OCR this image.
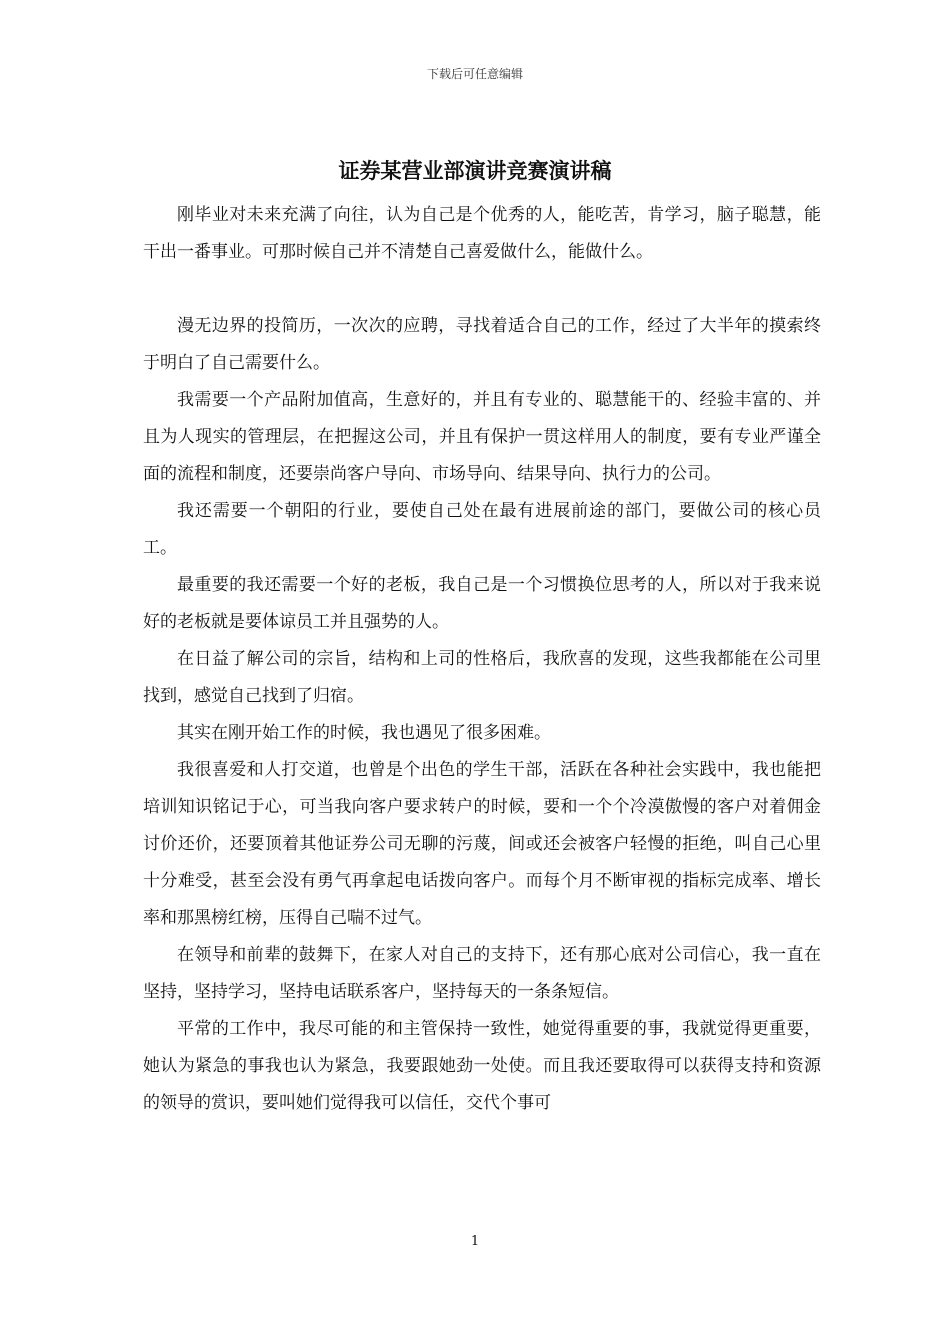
下载后可任意编辑
证券某营业部演讲竞赛演讲稿

刚毕业对未来充满了向往，认为自己是个优秀的人，能吃苦，肯学习，脑子聪慧，能干出一番事业。可那时候自己并不清楚自己喜爱做什么，能做什么。

漫无边界的投简历，一次次的应聘，寻找着适合自己的工作，经过了大半年的摸索终于明白了自己需要什么。

我需要一个产品附加值高，生意好的，并且有专业的、聪慧能干的、经验丰富的、并且为人现实的管理层，在把握这公司，并且有保护一贯这样用人的制度，要有专业严谨全面的流程和制度，还要崇尚客户导向、市场导向、结果导向、执行力的公司。

我还需要一个朝阳的行业，要使自己处在最有进展前途的部门，要做公司的核心员工。

最重要的我还需要一个好的老板，我自己是一个习惯换位思考的人，所以对于我来说好的老板就是要体谅员工并且强势的人。

在日益了解公司的宗旨，结构和上司的性格后，我欣喜的发现，这些我都能在公司里找到，感觉自己找到了归宿。

其实在刚开始工作的时候，我也遇见了很多困难。

我很喜爱和人打交道，也曾是个出色的学生干部，活跃在各种社会实践中，我也能把培训知识铭记于心，可当我向客户要求转户的时候，要和一个个冷漠傲慢的客户对着佣金讨价还价，还要顶着其他证券公司无聊的污蔑，间或还会被客户轻慢的拒绝，叫自己心里十分难受，甚至会没有勇气再拿起电话拨向客户。而每个月不断审视的指标完成率、增长率和那黑榜红榜，压得自己喘不过气。

在领导和前辈的鼓舞下，在家人对自己的支持下，还有那心底对公司信心，我一直在坚持，坚持学习，坚持电话联系客户，坚持每天的一条条短信。

平常的工作中，我尽可能的和主管保持一致性，她觉得重要的事，我就觉得更重要，她认为紧急的事我也认为紧急，我要跟她劲一处使。而且我还要取得可以获得支持和资源的领导的赏识，要叫她们觉得我可以信任，交代个事可

1
